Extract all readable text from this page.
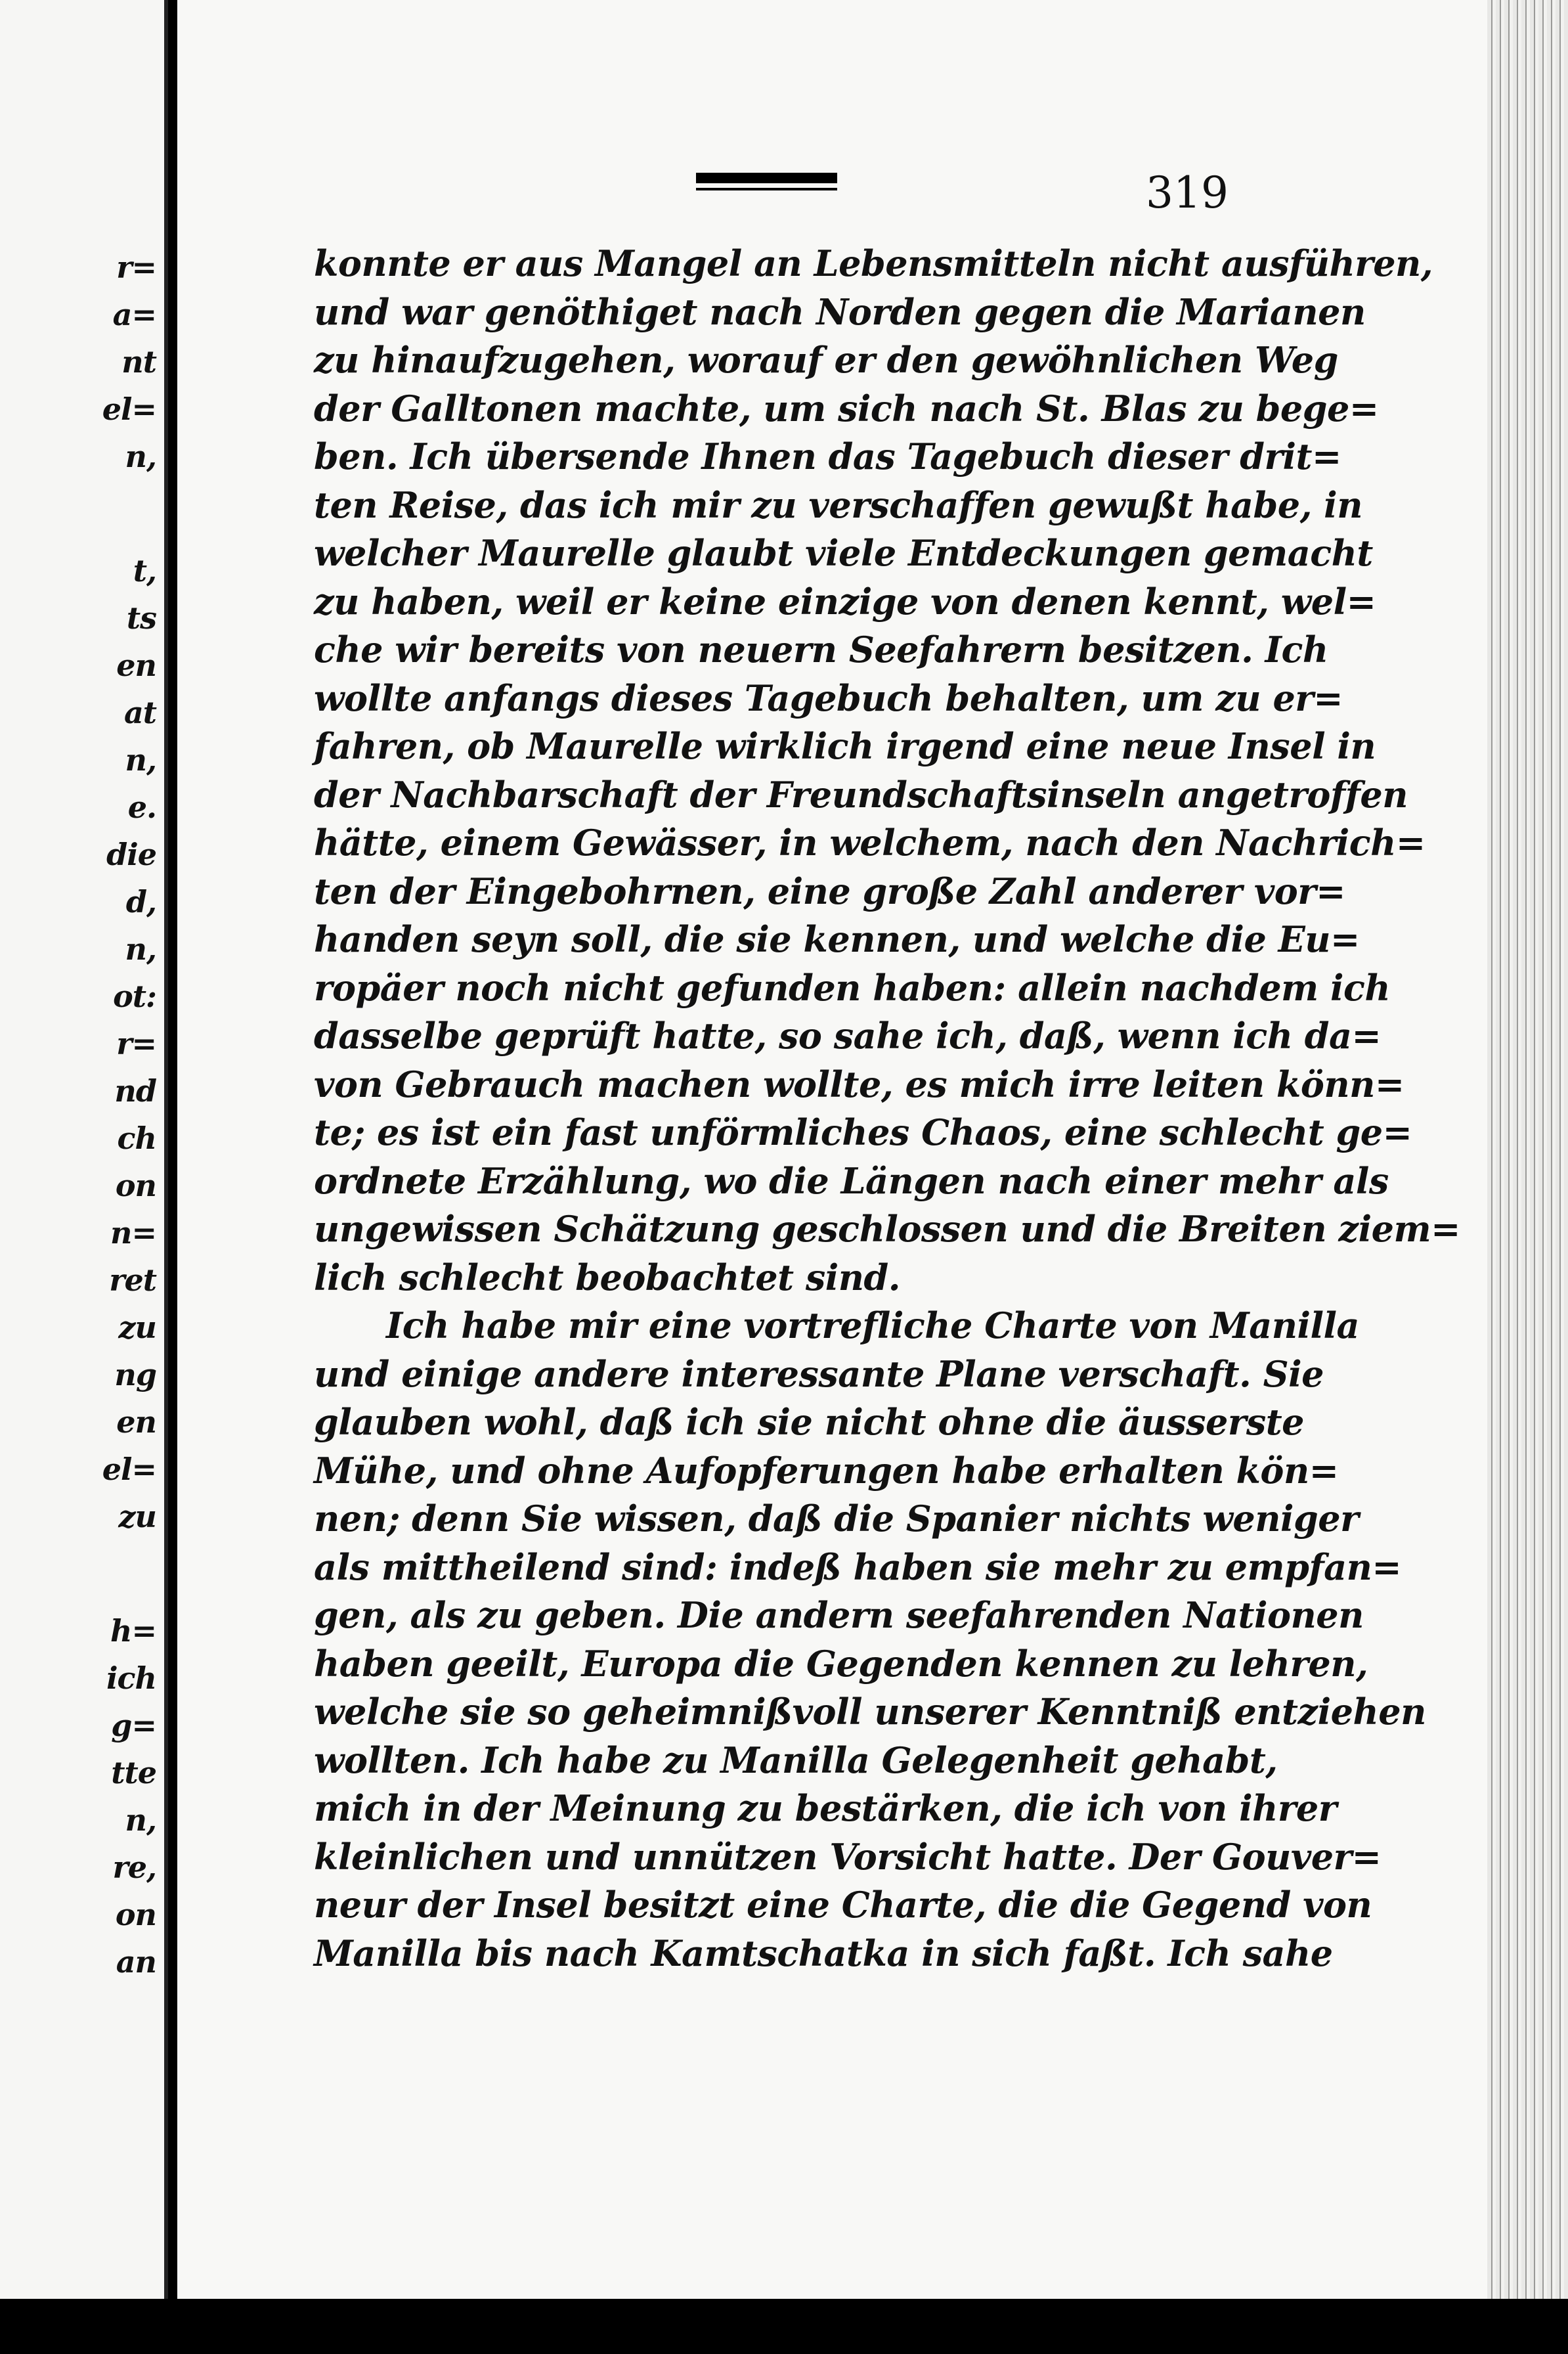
r=
a=
nt
el=
n,
t,
ts
en
at
n,
e.
die
d,
n,
ot:
r=
nd
ch
on
n=
ret
zu
ng
en
el=
zu
h=
ich
g=
tte
n,
re,
on
an
319
konnte er aus Mangel an Lebensmitteln nicht ausführen,
und war genöthiget nach Norden gegen die Marianen
zu hinaufzugehen, worauf er den gewöhnlichen Weg
der Galltonen machte, um sich nach St. Blas zu bege=
ben. Ich übersende Ihnen das Tagebuch dieser drit=
ten Reise, das ich mir zu verschaffen gewußt habe, in
welcher Maurelle glaubt viele Entdeckungen gemacht
zu haben, weil er keine einzige von denen kennt, wel=
che wir bereits von neuern Seefahrern besitzen. Ich
wollte anfangs dieses Tagebuch behalten, um zu er=
fahren, ob Maurelle wirklich irgend eine neue Insel in
der Nachbarschaft der Freundschaftsinseln angetroffen
hätte, einem Gewässer, in welchem, nach den Nachrich=
ten der Eingebohrnen, eine große Zahl anderer vor=
handen seyn soll, die sie kennen, und welche die Eu=
ropäer noch nicht gefunden haben: allein nachdem ich
dasselbe geprüft hatte, so sahe ich, daß, wenn ich da=
von Gebrauch machen wollte, es mich irre leiten könn=
te; es ist ein fast unförmliches Chaos, eine schlecht ge=
ordnete Erzählung, wo die Längen nach einer mehr als
ungewissen Schätzung geschlossen und die Breiten ziem=
lich schlecht beobachtet sind.
Ich habe mir eine vortrefliche Charte von Manilla
und einige andere interessante Plane verschaft. Sie
glauben wohl, daß ich sie nicht ohne die äusserste
Mühe, und ohne Aufopferungen habe erhalten kön=
nen; denn Sie wissen, daß die Spanier nichts weniger
als mittheilend sind: indeß haben sie mehr zu empfan=
gen, als zu geben. Die andern seefahrenden Nationen
haben geeilt, Europa die Gegenden kennen zu lehren,
welche sie so geheimnißvoll unserer Kenntniß entziehen
wollten. Ich habe zu Manilla Gelegenheit gehabt,
mich in der Meinung zu bestärken, die ich von ihrer
kleinlichen und unnützen Vorsicht hatte. Der Gouver=
neur der Insel besitzt eine Charte, die die Gegend von
Manilla bis nach Kamtschatka in sich faßt. Ich sahe
